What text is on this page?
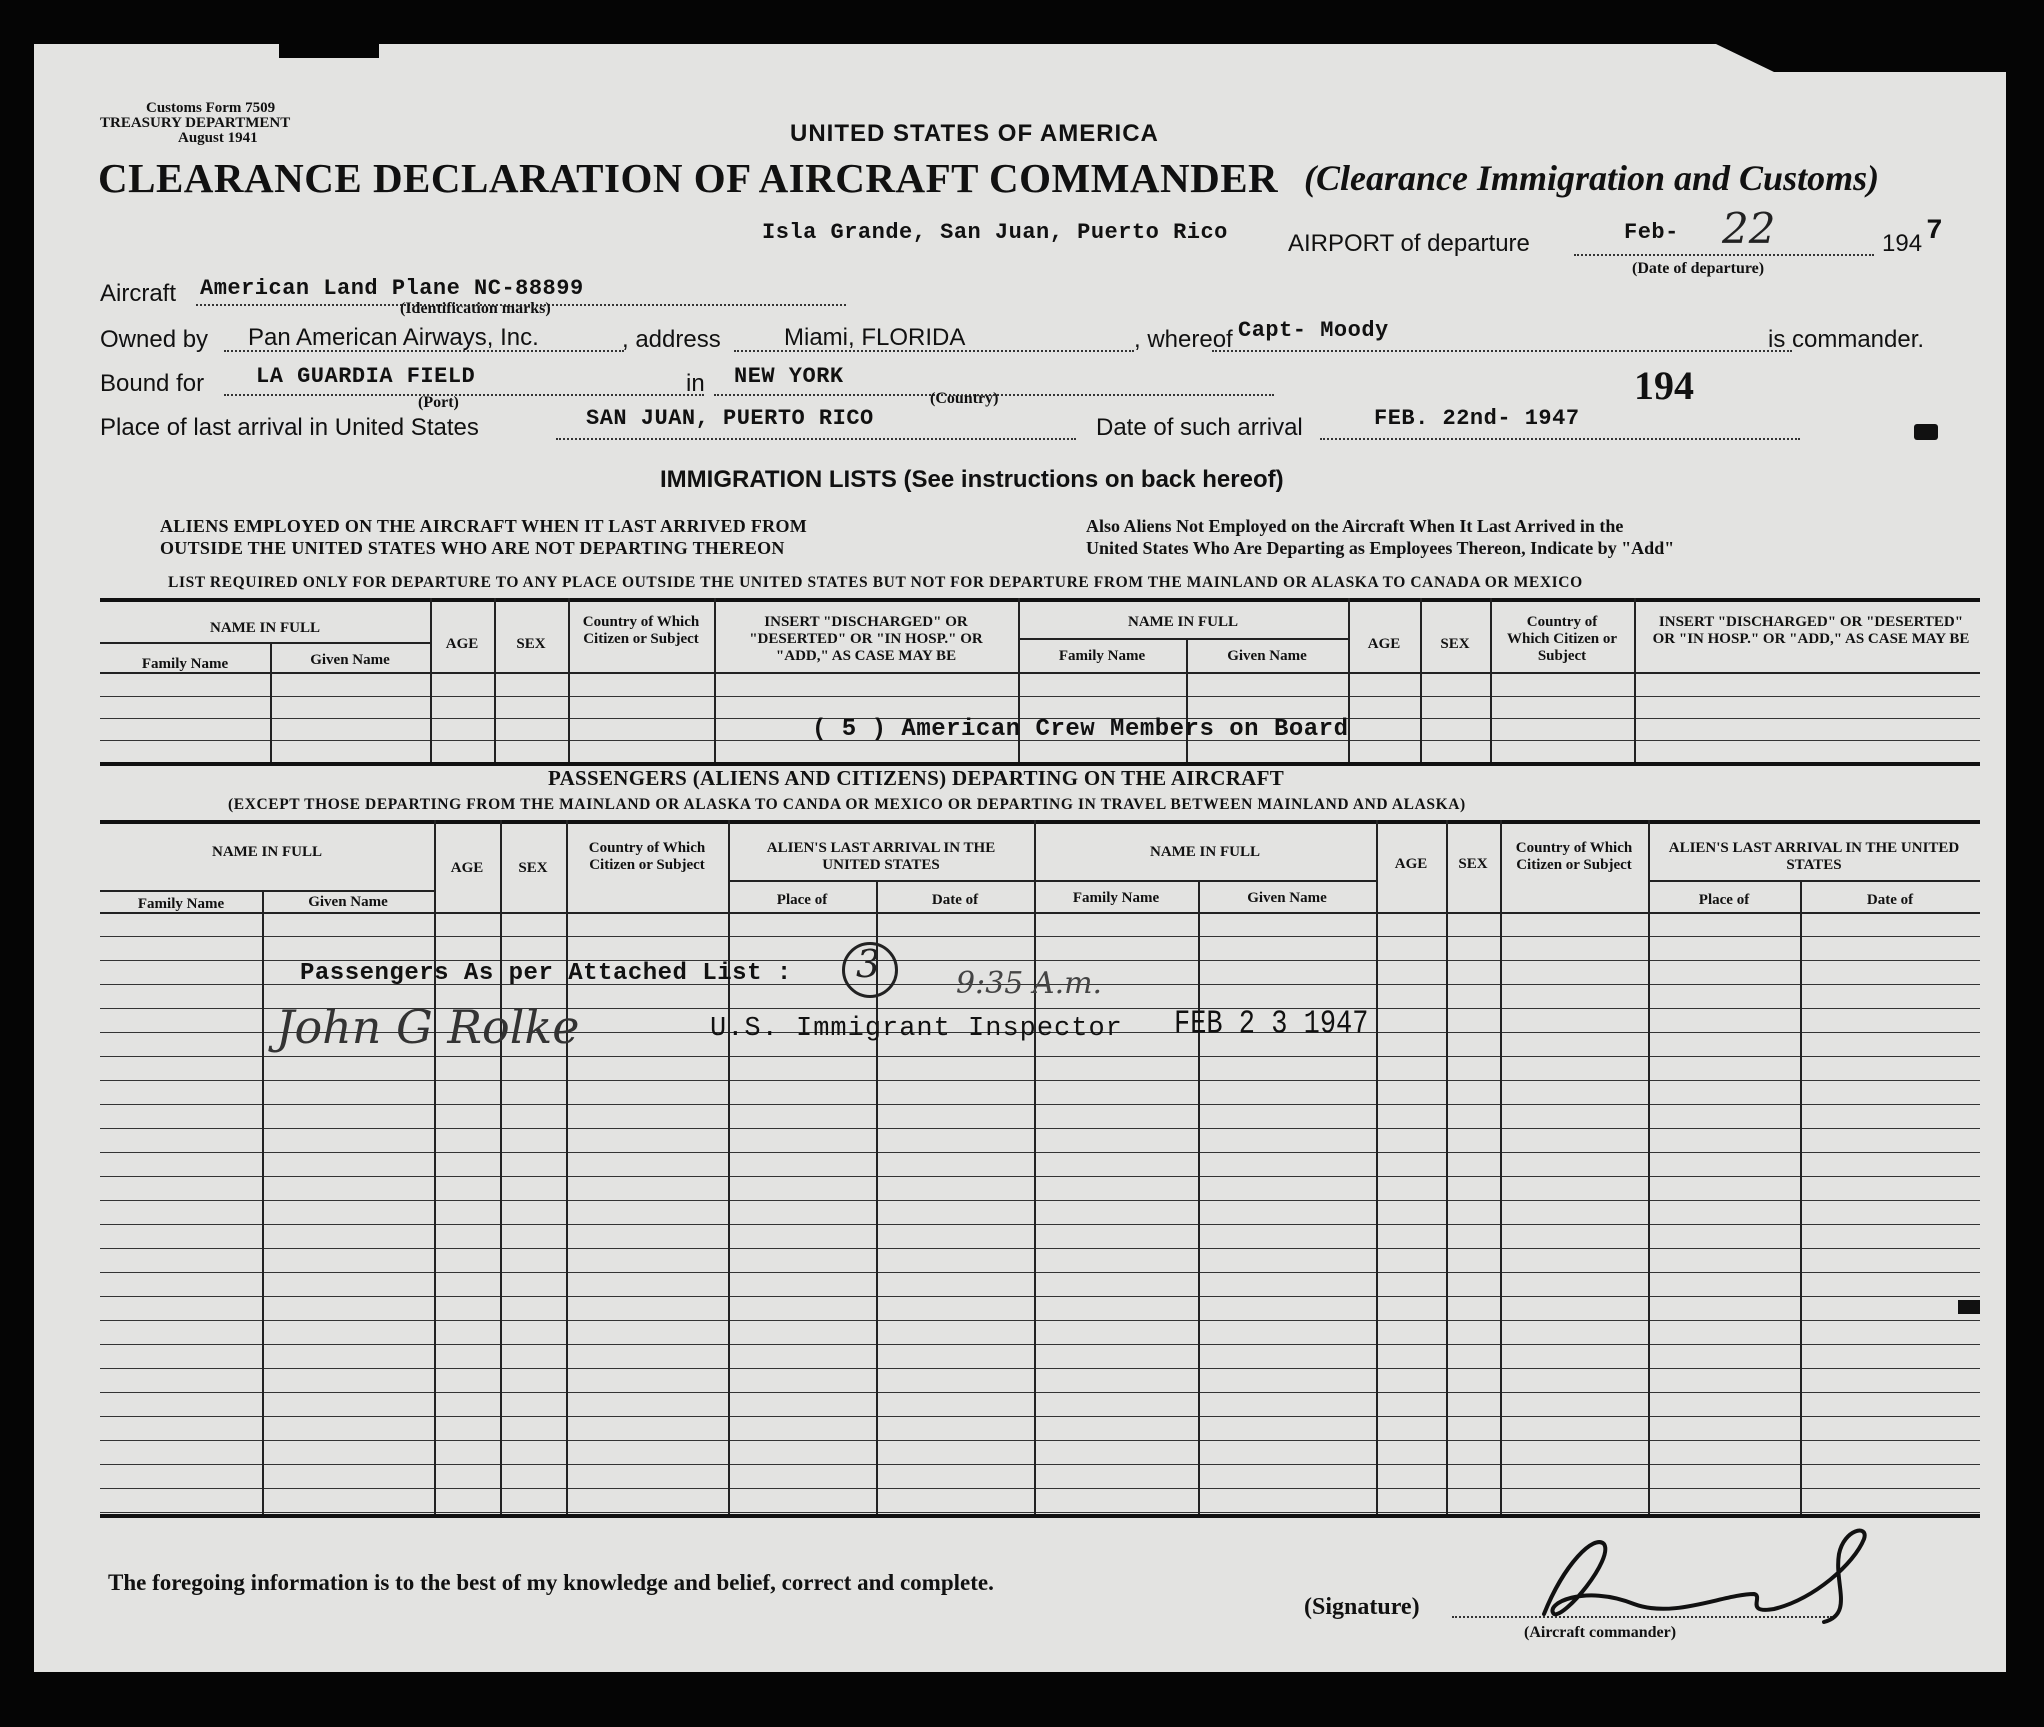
Customs Form 7509
TREASURY DEPARTMENT
August 1941	UNITED STATES OF AMERICA
CLEARANCE DECLARATION OF AIRCRAFT COMMANDER (Clearance Immigration and Customs)
Isla Grande, San Juan, Puerto Rico	AIRPORT of departure	Feb- 22	194 7
(Date of departure)
Aircraft American Land Plane NC-88899
(Identification marks)
Owned by Pan American Airways, Inc.	, address	Miami, FLORIDA	, whereof Capt- Moody	is commander.
Bound for LA GUARDIA FIELD	in NEW YORK
(Port)	(Country)	194
Place of last arrival in United States	SAN JUAN, PUERTO RICO	Date of such arrival	FEB. 22nd- 1947
IMMIGRATION LISTS (See instructions on back hereof)
ALIENS EMPLOYED ON THE AIRCRAFT WHEN IT LAST ARRIVED FROM
OUTSIDE THE UNITED STATES WHO ARE NOT DEPARTING THEREON
Also Aliens Not Employed on the Aircraft When It Last Arrived in the
United States Who Are Departing as Employees Thereon, Indicate by "Add"
LIST REQUIRED ONLY FOR DEPARTURE TO ANY PLACE OUTSIDE THE UNITED STATES BUT NOT FOR DEPARTURE FROM THE MAINLAND OR ALASKA TO CANADA OR MEXICO
NAME IN FULL
Family Name	Given Name
AGE	SEX
Country of Which Citizen or Subject
INSERT "DISCHARGED" OR "DESERTED" OR "IN HOSP." OR "ADD," AS CASE MAY BE
NAME IN FULL
Family Name	Given Name
AGE	SEX
Country of Which Citizen or Subject
INSERT "DISCHARGED" OR "DESERTED" OR "IN HOSP." OR "ADD," AS CASE MAY BE
( 5 ) American Crew Members on Board
PASSENGERS (ALIENS AND CITIZENS) DEPARTING ON THE AIRCRAFT
(EXCEPT THOSE DEPARTING FROM THE MAINLAND OR ALASKA TO CANDA OR MEXICO OR DEPARTING IN TRAVEL BETWEEN MAINLAND AND ALASKA)
NAME IN FULL
Family Name	Given Name
AGE	SEX
Country of Which Citizen or Subject
ALIEN'S LAST ARRIVAL IN THE UNITED STATES
Place of	Date of
NAME IN FULL
Family Name	Given Name
AGE	SEX
Country of Which Citizen or Subject
ALIEN'S LAST ARRIVAL IN THE UNITED STATES
Place of	Date of
Passengers As per Attached List : 3	9:35 A.m.
John G Rolke	U.S. Immigrant Inspector FEB 2 3 1947
The foregoing information is to the best of my knowledge and belief, correct and complete.
(Signature)
(Aircraft commander)
